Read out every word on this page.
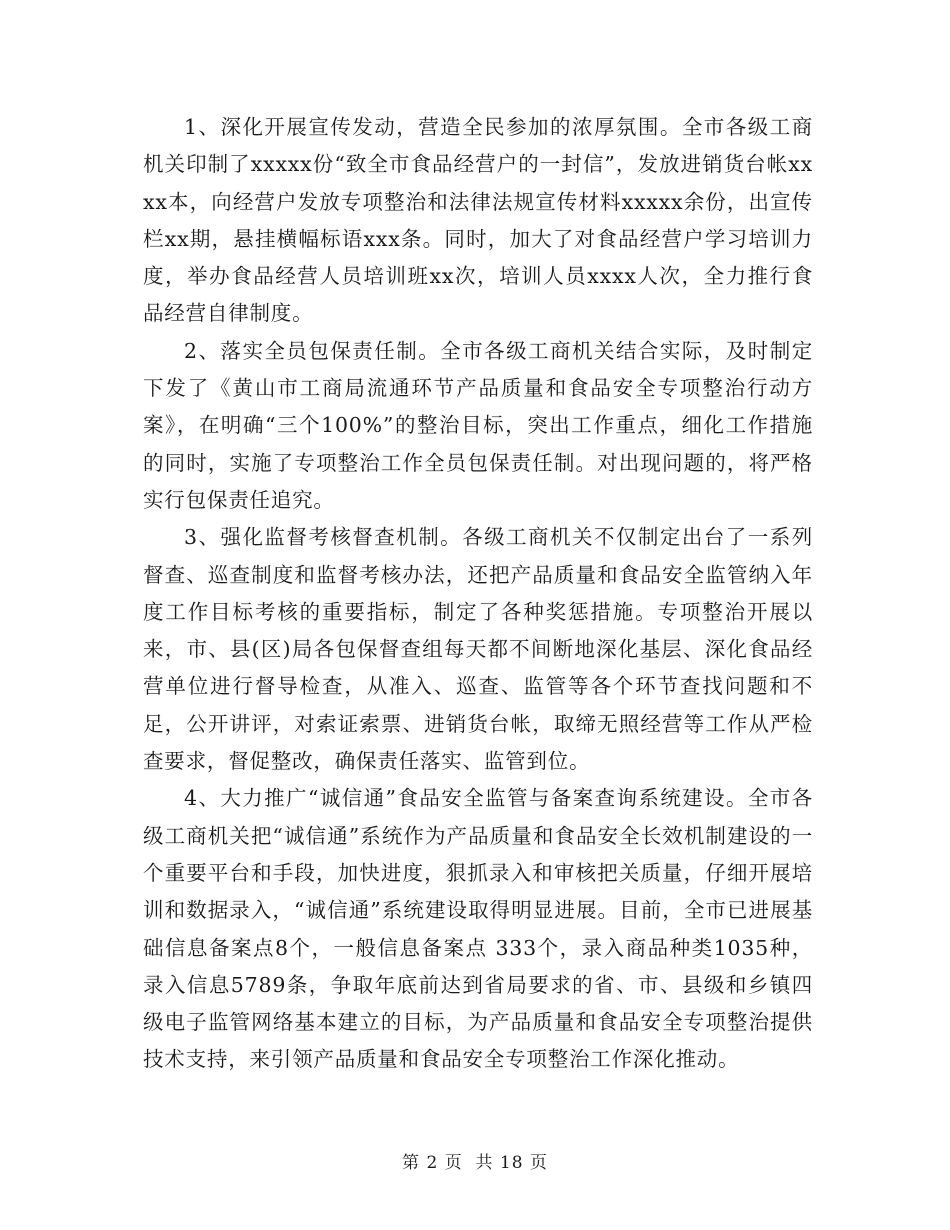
1、深化开展宣传发动，营造全民参加的浓厚氛围。全市各级工商机关印制了xxxxx份“致全市食品经营户的一封信”，发放进销货台帐xxxx本，向经营户发放专项整治和法律法规宣传材料xxxxx余份，出宣传栏xx期，悬挂横幅标语xxx条。同时，加大了对食品经营户学习培训力度，举办食品经营人员培训班xx次，培训人员xxxx人次，全力推行食品经营自律制度。

2、落实全员包保责任制。全市各级工商机关结合实际，及时制定下发了《黄山市工商局流通环节产品质量和食品安全专项整治行动方案》，在明确“三个100%”的整治目标，突出工作重点，细化工作措施的同时，实施了专项整治工作全员包保责任制。对出现问题的，将严格实行包保责任追究。

3、强化监督考核督查机制。各级工商机关不仅制定出台了一系列督查、巡查制度和监督考核办法，还把产品质量和食品安全监管纳入年度工作目标考核的重要指标，制定了各种奖惩措施。专项整治开展以来，市、县(区)局各包保督查组每天都不间断地深化基层、深化食品经营单位进行督导检查，从准入、巡查、监管等各个环节查找问题和不足，公开讲评，对索证索票、进销货台帐，取缔无照经营等工作从严检查要求，督促整改，确保责任落实、监管到位。

4、大力推广“诚信通”食品安全监管与备案查询系统建设。全市各级工商机关把“诚信通”系统作为产品质量和食品安全长效机制建设的一个重要平台和手段，加快进度，狠抓录入和审核把关质量，仔细开展培训和数据录入，“诚信通”系统建设取得明显进展。目前，全市已进展基础信息备案点8个，一般信息备案点 333个，录入商品种类1035种，录入信息5789条，争取年底前达到省局要求的省、市、县级和乡镇四级电子监管网络基本建立的目标，为产品质量和食品安全专项整治提供技术支持，来引领产品质量和食品安全专项整治工作深化推动。

第 2 页  共 18 页
